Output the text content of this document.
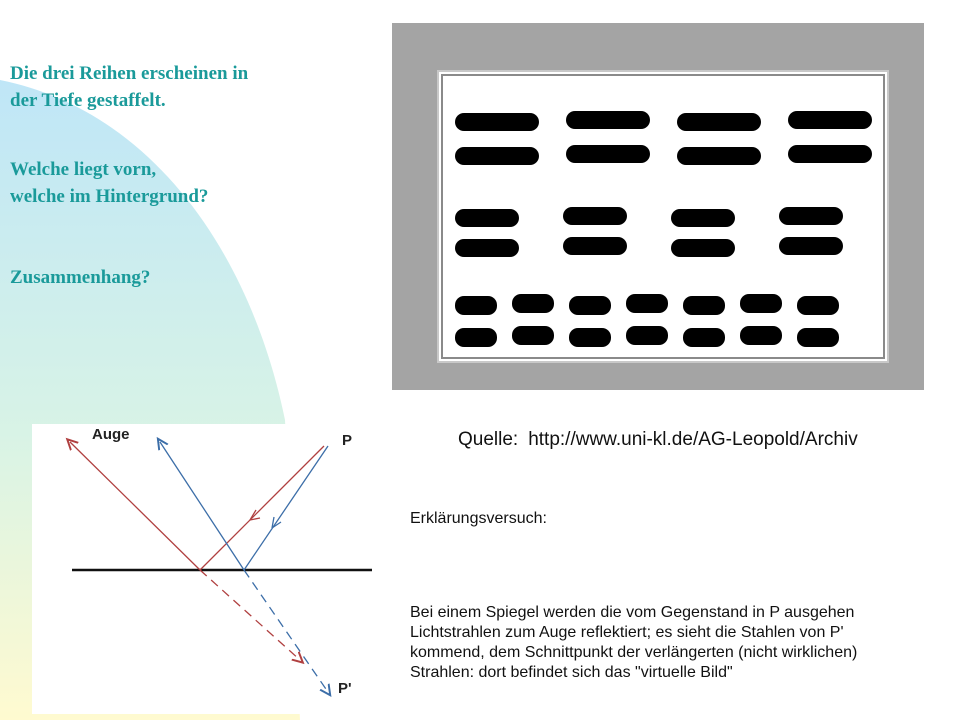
Die drei Reihen erscheinen in
der Tiefe gestaffelt.
Welche liegt vorn,
welche im Hintergrund?
Zusammenhang?
Auge	P
P'
Quelle: http://www.uni-kl.de/AG-Leopold/Archiv
Erklärungsversuch:
Bei einem Spiegel werden die vom Gegenstand in P ausgehen
Lichtstrahlen zum Auge reflektiert; es sieht die Stahlen von P'
kommend, dem Schnittpunkt der verlängerten (nicht wirklichen)
Strahlen: dort befindet sich das "virtuelle Bild"
